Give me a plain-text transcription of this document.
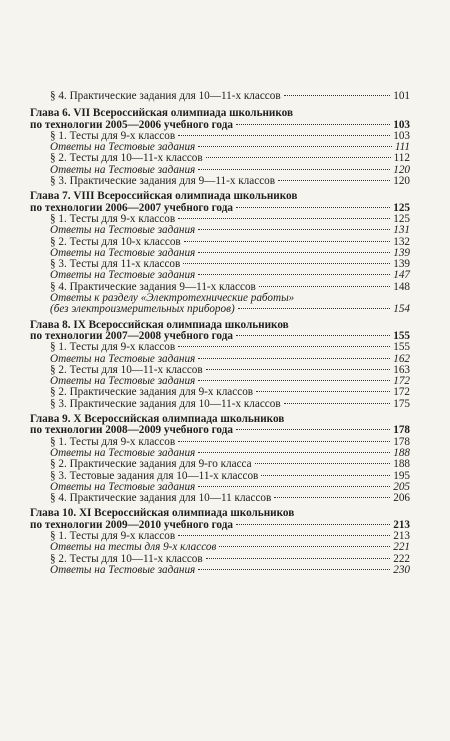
§ 4. Практические задания для 10—11-х классов	101
Глава 6. VII Всероссийская олимпиада школьников
по технологии 2005—2006 учебного года	103
§ 1. Тесты для 9-х классов	103
Ответы на Тестовые задания	111
§ 2. Тесты для 10—11-х классов	112
Ответы на Тестовые задания	120
§ 3. Практические задания для 9—11-х классов	120
Глава 7. VIII Всероссийская олимпиада школьников
по технологии 2006—2007 учебного года	125
§ 1. Тесты для 9-х классов	125
Ответы на Тестовые задания	131
§ 2. Тесты для 10-х классов	132
Ответы на Тестовые задания	139
§ 3. Тесты для 11-х классов	139
Ответы на Тестовые задания	147
§ 4. Практические задания 9—11-х классов	148
Ответы к разделу «Электротехнические работы»
(без электроизмерительных приборов)	154
Глава 8. IX Всероссийская олимпиада школьников
по технологии 2007—2008 учебного года	155
§ 1. Тесты для 9-х классов	155
Ответы на Тестовые задания	162
§ 2. Тесты для 10—11-х классов	163
Ответы на Тестовые задания	172
§ 2. Практические задания для 9-х классов	172
§ 3. Практические задания для 10—11-х классов	175
Глава 9. X Всероссийская олимпиада школьников
по технологии 2008—2009 учебного года	178
§ 1. Тесты для 9-х классов	178
Ответы на Тестовые задания	188
§ 2. Практические задания для 9-го класса	188
§ 3. Тестовые задания для 10—11-х классов	195
Ответы на Тестовые задания	205
§ 4. Практические задания для 10—11 классов	206
Глава 10. XI Всероссийская олимпиада школьников
по технологии 2009—2010 учебного года	213
§ 1. Тесты для 9-х классов	213
Ответы на тесты для 9-х классов	221
§ 2. Тесты для 10—11-х классов	222
Ответы на Тестовые задания	230
